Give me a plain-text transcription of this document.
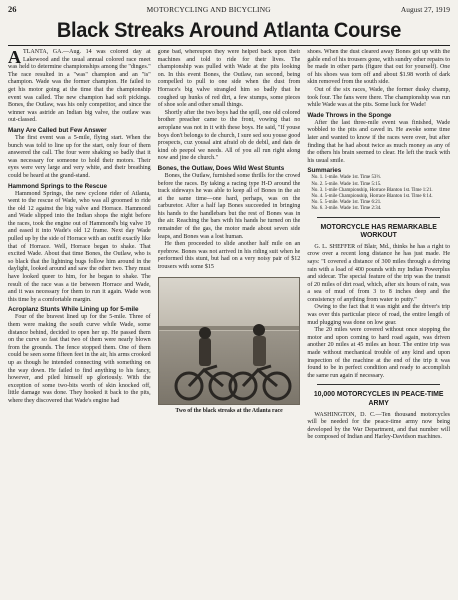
26	MOTORCYCLING AND BICYCLING	August 27, 1919
Black Streaks Around Atlanta Course

ATLANTA, GA.—Aug. 14 was colored day at Lakewood and the usual annual colored race meet was held to determine championships among the "dinges." The race resulted in a "was" champion and an "is" champion. Wade was the former champion. He failed to get his motor going at the time that the championship event was called. The new champion had soft pickings. Bones, the Outlaw, was his only competitor, and since the winner was astride an Indian big valve, the outlaw was out-classed.

Many Are Called but Few Answer

The first event was a 5-mile, flying start. When the bunch was told to line up for the start, only four of them answered the call. The four were shaking so badly that it was necessary for someone to hold their motors. Their eyes were very large and very white, and their breathing could be heard at the grand-stand.

Hammond Springs to the Rescue

Hammond Springs, the new cyclone rider of Atlanta, went to the rescue of Wade, who was all groomed to ride the old 12 against the big valve and Horrace. Hammond and Wade slipped into the Indian shops the night before the races, took the engine out of Hammond's big valve 19 and eased it into Wade's old 12 frame. Next day Wade pulled up by the side of Horrace with an outfit exactly like that of Horrace. Well, Horrace began to shake. That excited Wade. About that time Bones, the Outlaw, who is so black that the lightning bugs follow him around in the daylight, looked around and saw the other two. They must have looked queer to him, for he began to shake. The result of the race was a tie between Horrace and Wade, and it was necessary for them to run it again. Wade won this time by a comfortable margin.

Acroplanz Stunts While Lining up for 5-mile

Four of the bravest lined up for the 5-mile. Three of them were making the south curve while Wade, some distance behind, decided to open her up. He passed them on the curve so fast that two of them were nearly blown from the grounds. The fence stopped them. One of them could be seen some fifteen feet in the air, his arms crooked up as though he intended connecting with something on the way down. He failed to find anything to his fancy, however, and piled himself up gloriously. With the exception of some two-bits worth of skin knocked off, little damage was done. They hooked it back to the pits, where they discovered that Wade's engine had

gone bad, whereupon they were helped back upon their machines and told to ride for their lives. The championship was pulled with Wade at the pits looking on. In this event Bones, the Outlaw, ran second, being compelled to pull to one side when the dust from Horrace's big valve strangled him so badly that he coughed up hunks of red dirt, a few stumps, some pieces of shoe sole and other small things.

Shortly after the two boys had the spill, one old colored brother preacher came to the front, vowing that no aeroplane was not in it with these boys. He said, "If youse boys don't belongs to de church, I sure sed sou youse good prospects, cuz yousal aint afraid ob de debil, and dats de kind ob peepol we needs. All of you all run right along now and jine de church."

Bones, the Outlaw, Does Wild West Stunts

Bones, the Outlaw, furnished some thrills for the crowd before the races. By taking a racing type H-D around the track sideways he was able to keep all of Bones in the air at the same time—one hard, perhaps, was on the carburetor. After a half lap Bones succeeded in bringing his hands to the handlebars but the rest of Bones was in the air. Reaching the bars with his hands he turned on the remainder of the gas, the motor made about seven side leaps, and Bones was a lost human.

He then proceeded to slide another half mile on an eyebrow. Bones was not arrived in his riding suit when he performed this stunt, but had on a very noisy pair of $12 trousers with some $15

Two of the black streaks at the Atlanta race

shoes. When the dust cleared away Bones got up with the gable end of his trousers gone, with sundry other repairs to be made in other parts (figure that out for yourself). One of his shoes was torn off and about $1.98 worth of dark skin removed from the south side.

Out of the six races, Wade, the former dusky champ, took four. The fans were there. The championship was run while Wade was at the pits. Some luck for Wade!

Wade Throws in the Sponge

After the last three-mile event was finished, Wade wobbled to the pits and caved in. He awoke some time later and wanted to know if the races were over, but after finding that he had about twice as much money as any of the others his brain seemed to clear. He left the track with his usual smile.

Summaries
No. 1. 1-mile. Wade 1st. Time 53½.
No. 2. 5-mile. Wade 1st. Time 5:15.
No. 3. 1-mile Championship, Horrace Blanton 1st. Time 1:21.
No. 4. 5-mile Championship, Horrace Blanton 1st. Time 6:14.
No. 5. 5-mile. Wade 1st. Time 6:21.
No. 6. 3-mile. Wade 1st. Time 2:34.
MOTORCYCLE HAS REMARKABLE WORKOUT

G. L. SHEFFER of Blair, Md., thinks he has a right to crow over a recent long distance he has just made. He says: "I covered a distance of 300 miles through a driving rain with a load of 400 pounds with my Indian Powerplus and sidecar. The special feature of the trip was the transit of 20 miles of dirt road, which, after six hours of rain, was a sea of mud of from 3 to 8 inches deep and the consistency of anything from water to putty."

Owing to the fact that it was night and the driver's trip was over this particular piece of road, the entire length of mud plugging was done on low gear.

The 20 miles were covered without once stopping the motor and upon coming to hard road again, was driven another 20 miles at 45 miles an hour. The entire trip was made without mechanical trouble of any kind and upon inspection of the machine at the end of the trip it was found to be in perfect condition and ready to accomplish the same run again if necessary.

10,000 MOTORCYCLES IN PEACE-TIME ARMY

WASHINGTON, D. C.—Ten thousand motorcycles will be needed for the peace-time army now being developed by the War Department, and that number will be composed of Indian and Harley-Davidson machines.
